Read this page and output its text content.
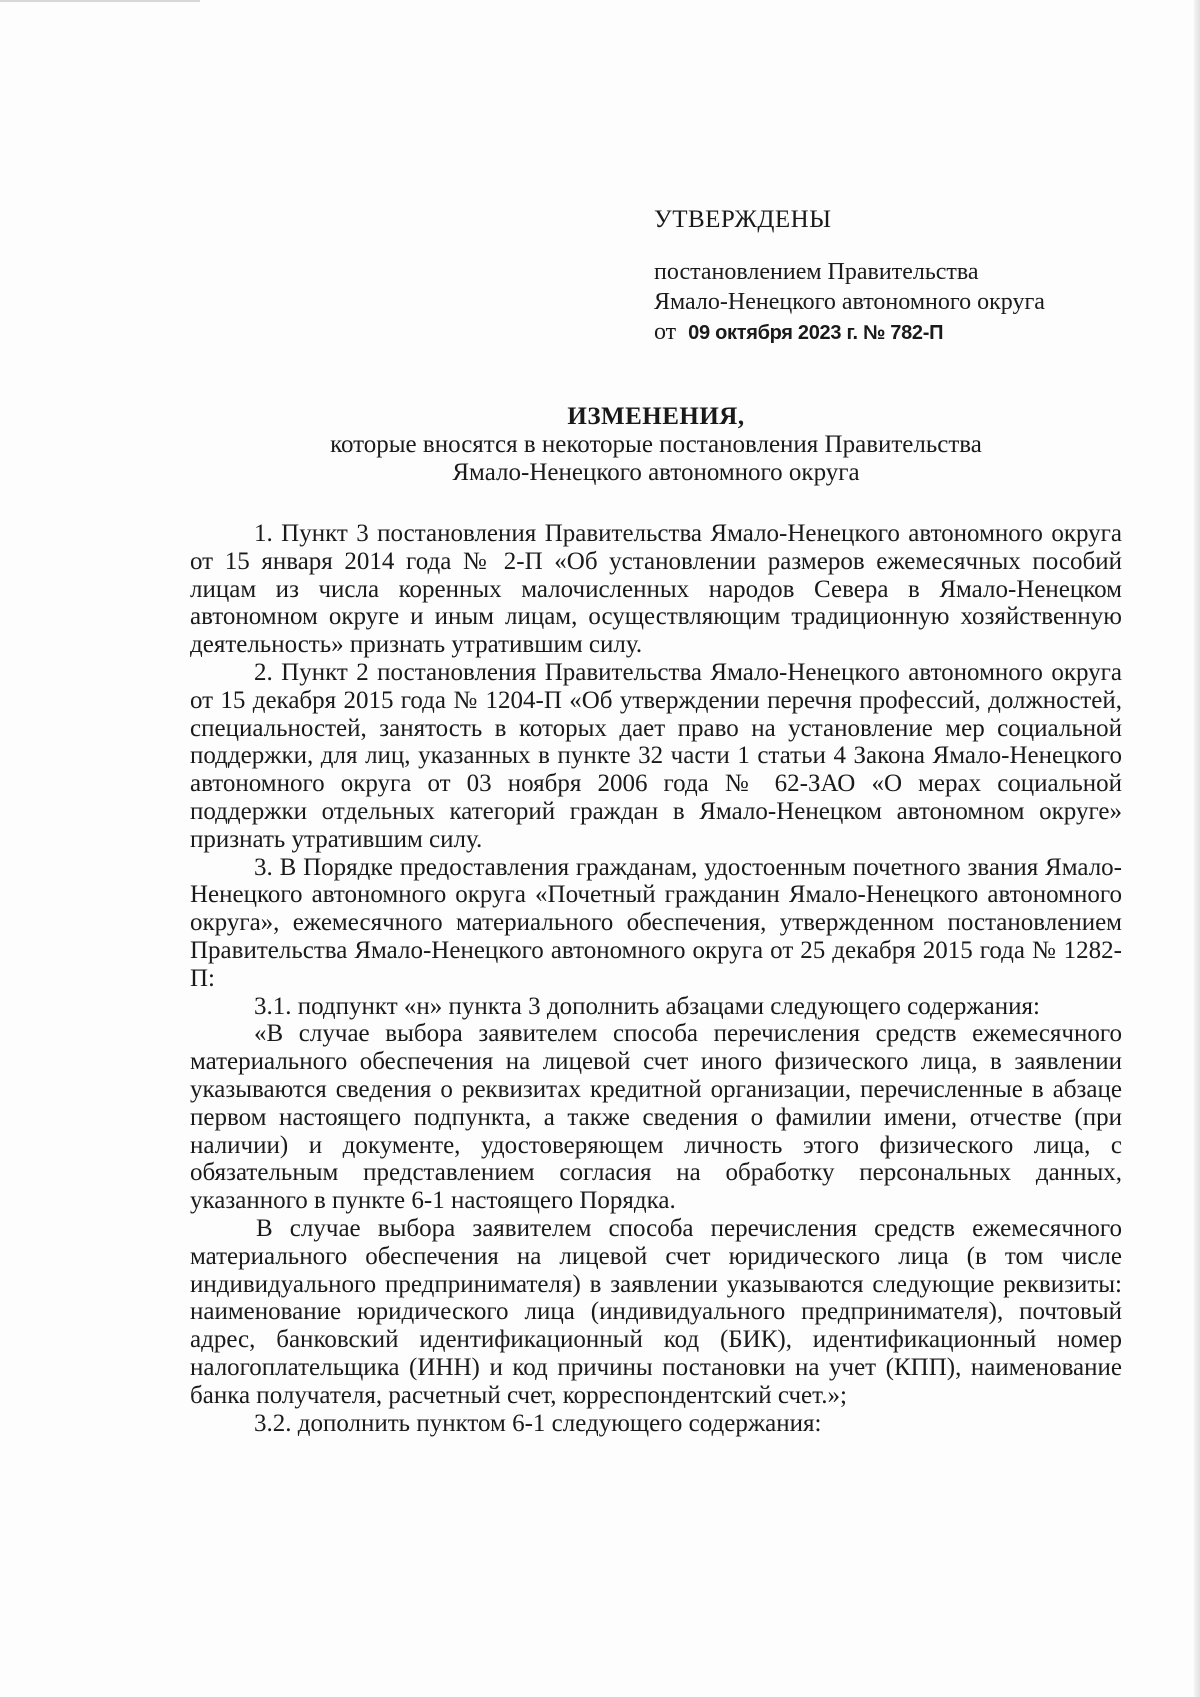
УТВЕРЖДЕНЫ
постановлением Правительства
Ямало-Ненецкого автономного округа
от 09 октября 2023 г. № 782-П
ИЗМЕНЕНИЯ,
которые вносятся в некоторые постановления Правительства
Ямало-Ненецкого автономного округа

1. Пункт 3 постановления Правительства Ямало-Ненецкого автономного округа от 15 января 2014 года № 2-П «Об установлении размеров ежемесячных пособий лицам из числа коренных малочисленных народов Севера в Ямало-Ненецком автономном округе и иным лицам, осуществляющим традиционную хозяйственную деятельность» признать утратившим силу.

2. Пункт 2 постановления Правительства Ямало-Ненецкого автономного округа от 15 декабря 2015 года № 1204-П «Об утверждении перечня профессий, должностей, специальностей, занятость в которых дает право на установление мер социальной поддержки, для лиц, указанных в пункте 32 части 1 статьи 4 Закона Ямало-Ненецкого автономного округа от 03 ноября 2006 года № 62-ЗАО «О мерах социальной поддержки отдельных категорий граждан в Ямало-Ненецком автономном округе» признать утратившим силу.

3. В Порядке предоставления гражданам, удостоенным почетного звания Ямало-Ненецкого автономного округа «Почетный гражданин Ямало-Ненецкого автономного округа», ежемесячного материального обеспечения, утвержденном постановлением Правительства Ямало-Ненецкого автономного округа от 25 декабря 2015 года № 1282-П:

3.1. подпункт «н» пункта 3 дополнить абзацами следующего содержания:

«В случае выбора заявителем способа перечисления средств ежемесячного материального обеспечения на лицевой счет иного физического лица, в заявлении указываются сведения о реквизитах кредитной организации, перечисленные в абзаце первом настоящего подпункта, а также сведения о фамилии имени, отчестве (при наличии) и документе, удостоверяющем личность этого физического лица, с обязательным представлением согласия на обработку персональных данных, указанного в пункте 6-1 настоящего Порядка.

В случае выбора заявителем способа перечисления средств ежемесячного материального обеспечения на лицевой счет юридического лица (в том числе индивидуального предпринимателя) в заявлении указываются следующие реквизиты: наименование юридического лица (индивидуального предпринимателя), почтовый адрес, банковский идентификационный код (БИК), идентификационный номер налогоплательщика (ИНН) и код причины постановки на учет (КПП), наименование банка получателя, расчетный счет, корреспондентский счет.»;

3.2. дополнить пунктом 6-1 следующего содержания:
